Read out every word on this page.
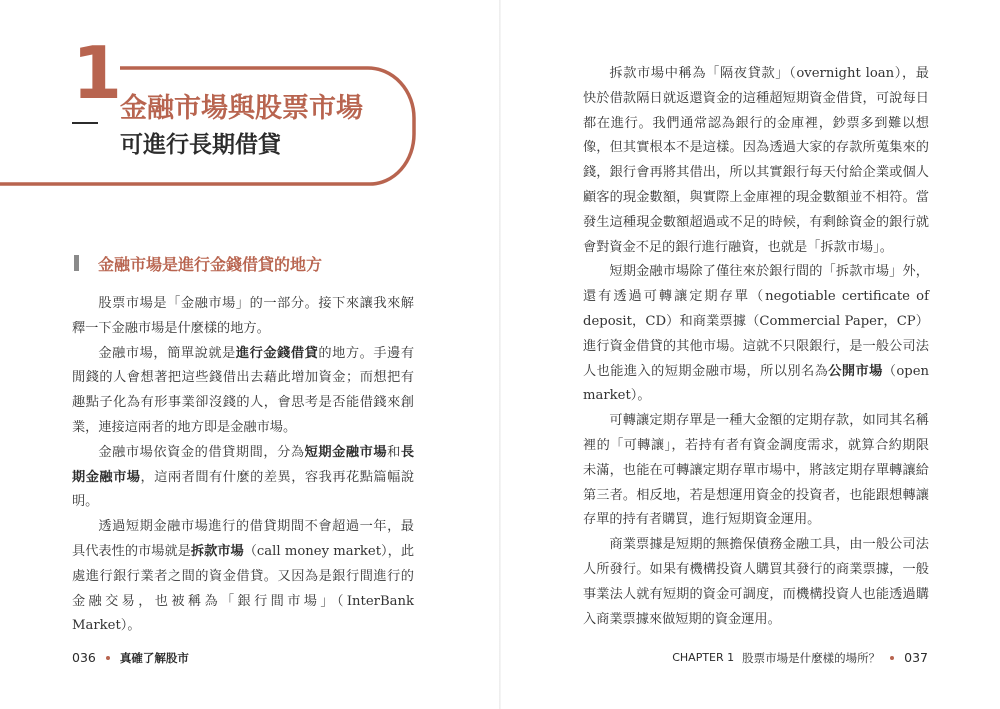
1
金融市場與股票市場
可進行長期借貸
金融市場是進行金錢借貸的地方

股票市場是「金融市場」的一部分。接下來讓我來解釋一下金融市場是什麼樣的地方。

金融市場，簡單說就是進行金錢借貸的地方。手邊有閒錢的人會想著把這些錢借出去藉此增加資金；而想把有趣點子化為有形事業卻沒錢的人，會思考是否能借錢來創業，連接這兩者的地方即是金融市場。

金融市場依資金的借貸期間，分為短期金融市場和長期金融市場，這兩者間有什麼的差異，容我再花點篇幅說明。

透過短期金融市場進行的借貸期間不會超過一年，最具代表性的市場就是拆款市場（call money market），此處進行銀行業者之間的資金借貸。又因為是銀行間進行的金融交易，也被稱為「銀行間市場」（InterBank Market）。

036 真確了解股市

拆款市場中稱為「隔夜貸款」（overnight loan），最快於借款隔日就返還資金的這種超短期資金借貸，可說每日都在進行。我們通常認為銀行的金庫裡，鈔票多到難以想像，但其實根本不是這樣。因為透過大家的存款所蒐集來的錢，銀行會再將其借出，所以其實銀行每天付給企業或個人顧客的現金數額，與實際上金庫裡的現金數額並不相符。當發生這種現金數額超過或不足的時候，有剩餘資金的銀行就會對資金不足的銀行進行融資，也就是「拆款市場」。

短期金融市場除了僅往來於銀行間的「拆款市場」外，還有透過可轉讓定期存單（negotiable certificate of deposit，CD）和商業票據（Commercial Paper，CP）進行資金借貸的其他市場。這就不只限銀行，是一般公司法人也能進入的短期金融市場，所以別名為公開市場（open market）。

可轉讓定期存單是一種大金額的定期存款，如同其名稱裡的「可轉讓」，若持有者有資金調度需求，就算合約期限未滿，也能在可轉讓定期存單市場中，將該定期存單轉讓給第三者。相反地，若是想運用資金的投資者，也能跟想轉讓存單的持有者購買，進行短期資金運用。

商業票據是短期的無擔保債務金融工具，由一般公司法人所發行。如果有機構投資人購買其發行的商業票據，一般事業法人就有短期的資金可調度，而機構投資人也能透過購入商業票據來做短期的資金運用。

CHAPTER 1 股票市場是什麼樣的場所？ 037
